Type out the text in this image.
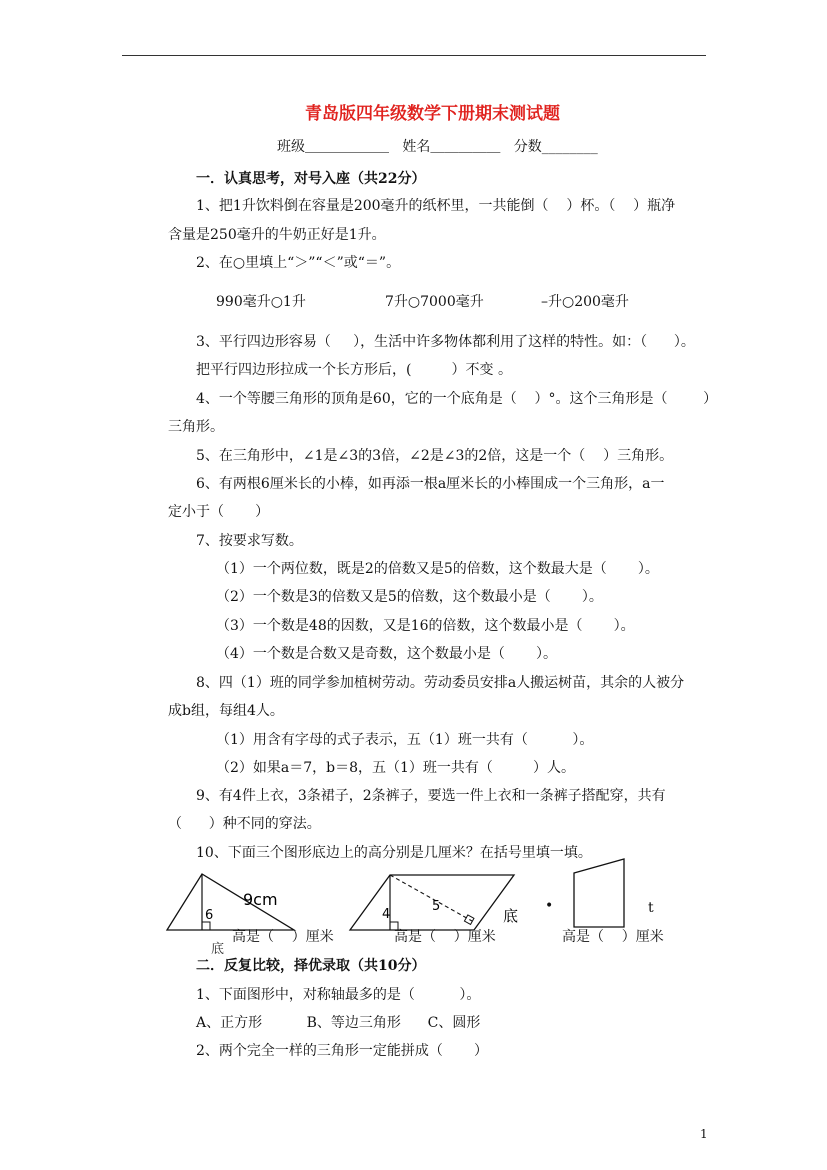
青岛版四年级数学下册期末测试题
班级＿＿＿＿＿＿   姓名＿＿＿＿＿   分数________
一．认真思考，对号入座（共22分）
1、把1升饮料倒在容量是200毫升的纸杯里，一共能倒（    ）杯。（    ）瓶净
含量是250毫升的牛奶正好是1升。
2、在○里填上“＞”“＜”或“＝”。
990毫升○1升	7升○7000毫升	–升○200毫升
3、平行四边形容易（     ），生活中许多物体都利用了这样的特性。如：（      ）。
把平行四边形拉成一个长方形后，(         ）不变 。
4、一个等腰三角形的顶角是60，它的一个底角是（    ）°。这个三角形是（        ）
三角形。
5、在三角形中，∠1是∠3的3倍，∠2是∠3的2倍，这是一个（    ）三角形。
6、有两根6厘米长的小棒，如再添一根a厘米长的小棒围成一个三角形，a一
定小于（       ）
7、按要求写数。
（1）一个两位数，既是2的倍数又是5的倍数，这个数最大是（       ）。
（2）一个数是3的倍数又是5的倍数，这个数最小是（       ）。
（3）一个数是48的因数，又是16的倍数，这个数最小是（       ）。
（4）一个数是合数又是奇数，这个数最小是（       ）。
8、四（1）班的同学参加植树劳动。劳动委员安排a人搬运树苗，其余的人被分
成b组，每组4人。
（1）用含有字母的式子表示，五（1）班一共有（          ）。
（2）如果a＝7，b＝8，五（1）班一共有（         ）人。
9、有4件上衣，3条裙子，2条裤子，要选一件上衣和一条裤子搭配穿，共有
（      ）种不同的穿法。
10、下面三个图形底边上的高分别是几厘米？在括号里填一填。
9cm
6
底
高是（    ）厘米
4
5
底
高是（    ）厘米
•	t
高是（    ）厘米
二．反复比较，择优录取（共10分）
1、下面图形中，对称轴最多的是（          ）。
A、正方形          B、等边三角形      C、圆形
2、两个完全一样的三角形一定能拼成（       ）
1
